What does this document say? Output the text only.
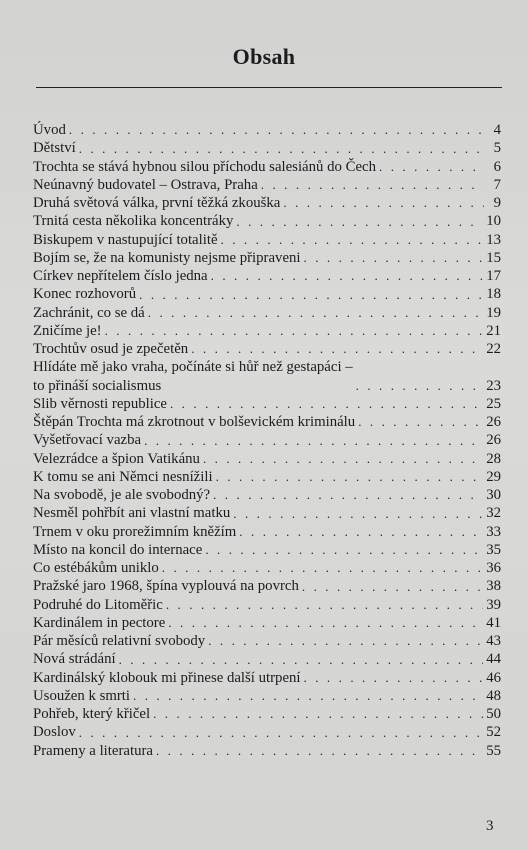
Obsah
Úvod . . .	4
Dětství . . .	5
Trochta se stává hybnou silou příchodu salesiánů do Čech . . .	6
Neúnavný budovatel – Ostrava, Praha . . .	7
Druhá světová válka, první těžká zkouška . . .	9
Trnitá cesta několika koncentráky . . .	10
Biskupem v nastupující totalitě . . .	13
Bojím se, že na komunisty nejsme připraveni . . .	15
Církev nepřítelem číslo jedna . . .	17
Konec rozhovorů . . .	18
Zachránit, co se dá . . .	19
Zničíme je! . . .	21
Trochtův osud je zpečetěn . . .	22
Hlídáte mě jako vraha, počínáte si hůř než gestapáci –
to přináší socialismus . . .	23
Slib věrnosti republice . . .	25
Štěpán Trochta má zkrotnout v bolševickém kriminálu . . .	26
Vyšetřovací vazba . . .	26
Velezrádce a špion Vatikánu . . .	28
K tomu se ani Němci nesnížili . . .	29
Na svobodě, je ale svobodný? . . .	30
Nesměl pohřbít ani vlastní matku . . .	32
Trnem v oku prorežimním kněžím . . .	33
Místo na koncil do internace . . .	35
Co estébákům uniklo . . .	36
Pražské jaro 1968, špína vyplouvá na povrch . . .	38
Podruhé do Litoměřic . . .	39
Kardinálem in pectore . . .	41
Pár měsíců relativní svobody . . .	43
Nová strádání . . .	44
Kardinálský klobouk mi přinese další utrpení . . .	46
Usoužen k smrti . . .	48
Pohřeb, který křičel . . .	50
Doslov . . .	52
Prameny a literatura . . .	55
3
